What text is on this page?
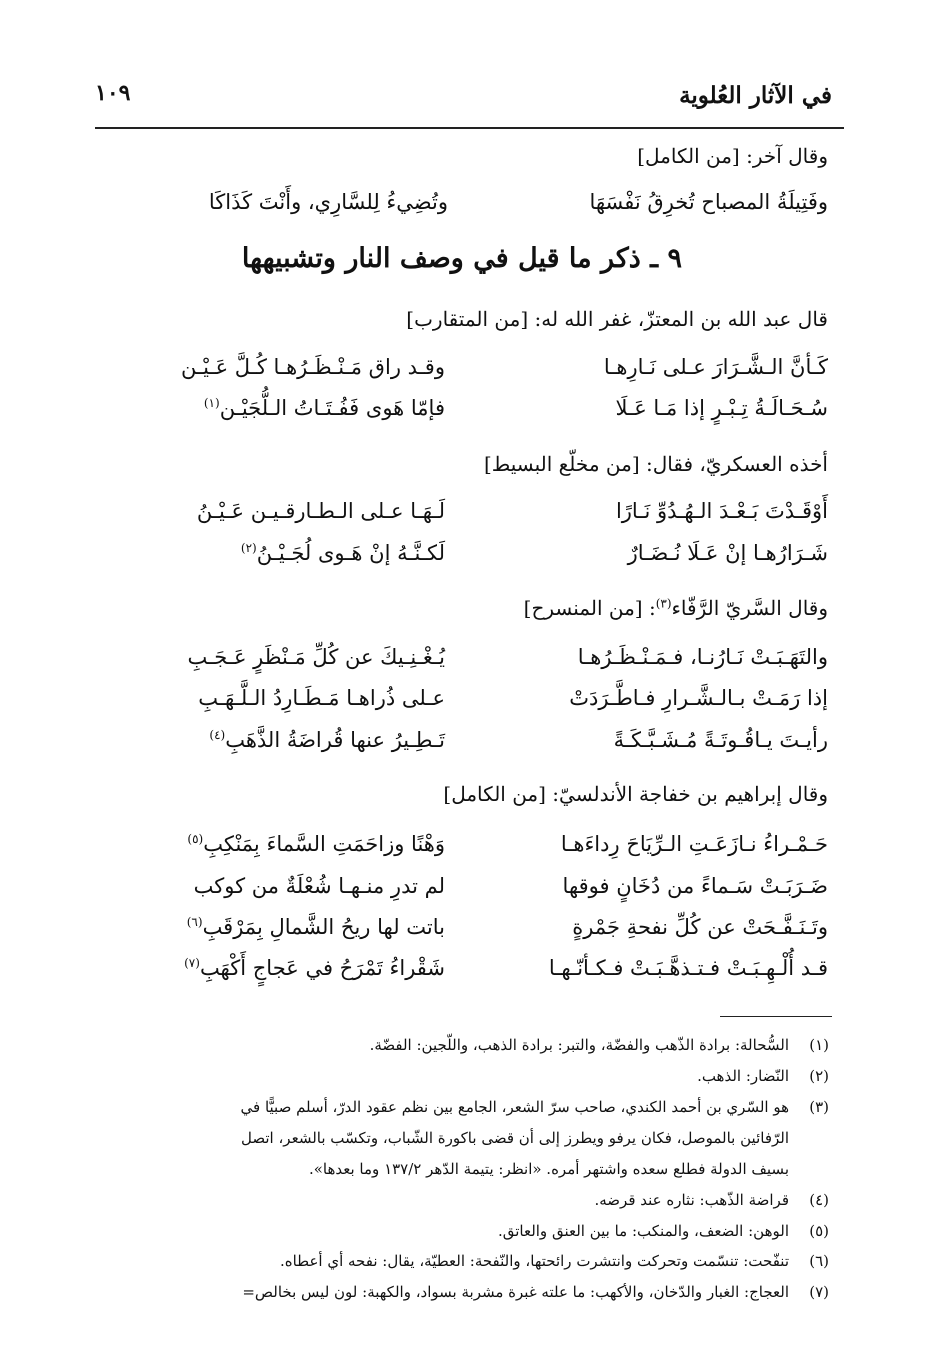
في الآثار العُلوية
١٠٩
وقال آخر: [من الكامل]
وفَتِيلَةُ المصباح تُخرِقُ نَفْسَهَا
وتُضِيءُ لِلسَّارِي، وأَنْتَ كَذَاكَا
٩ ـ ذكر ما قيل في وصف النار وتشبيهها
قال عبد الله بن المعتزّ، غفر الله له: [من المتقارب]
كَـأنَّ الـشَّـرَارَ عـلى نَـارِهـا
وقـد راق مَـنْـظَـرُهـا كُـلَّ عَـيْـن
سُـحَـالَـةُ تِـبْـرٍ إذا مَـا عَـلَا
فإمّا هَوى فَفُـتَـاتُ الـلُّجَيْـن$^{(١)}$
أخذه العسكريّ، فقال: [من مخلّع البسيط]
أَوْقَـدْتَ بَـعْـدَ الـهُـدُوِّ نَـارًا
لَـهَـا عـلى الـطـارقـيـن عَـيْـنُ
شَـرَارُهـا إنْ عَـلَا نُـضَـارٌ
لَكـنَّـهُ إنْ هَـوى لُجَـيْـنُ$^{(٢)}$
وقال السَّريّ الرَّفّاء$^{(٣)}$: [من المنسرح]
والتَهَـبَـتْ نَـارُنـا، فـمَـنْـظَـرُهـا
يُـغْـنِـيكَ عن كُلِّ مَـنْظَرٍ عَـجَـبِ
إذا رَمَـتْ بـالـشَّـرارِ فـاطَّـرَدَتْ
عـلى ذُراهـا مَـطَـارِدُ الـلَّـهَـبِ
رأيـتَ يـاقُـوتَـةً مُـشَـبَّـكَـةً
تَـطِـيرُ عنها قُراضَةُ الذَّهَبِ$^{(٤)}$
وقال إبراهيم بن خفاجة الأندلسيّ: [من الكامل]
حَـمْـراءُ نـازَعَـتِ الـرِّيَاحَ رِداءَهـا
وَهْنًا وزاحَمَتِ السَّماءَ بِمَنْكِبِ$^{(٥)}$
ضَـرَبَـتْ سَـماءً من دُخَانٍ فوقها
لم تدرِ منـهـا شُعْلَةٌ من كوكب
وتَـنَـفَّـحَتْ عن كُلِّ نفحةِ جَمْرةٍ
باتت لها ريحُ الشَّمالِ بِمَرْقَبِ$^{(٦)}$
قـد أُلْـهِـبَـتْ فـتـذهَّـبَـتْ فـكـأنّـهـا
شَقْراءُ تَمْرَحُ في عَجاجٍ أَكْهَبِ$^{(٧)}$
(١)السُّحالة: برادة الذّهب والفضّة، والتبر: برادة الذهب، واللّجين: الفضّة.
(٢)النّضار: الذهب.
(٣)هو السّري بن أحمد الكندي، صاحب سرّ الشعر، الجامع بين نظم عقود الدرّ، أسلم صبيًّا في
الرّفائين بالموصل، فكان يرفو ويطرز إلى أن قضى باكورة الشّباب، وتكسّب بالشعر، اتصل
بسيف الدولة فطلع سعده واشتهر أمره. «انظر: يتيمة الدّهر ١٣٧/٢ وما بعدها».
(٤)قراضة الذّهب: نثاره عند قرضه.
(٥)الوهن: الضعف، والمنكب: ما بين العنق والعاتق.
(٦)تنفّحت: تنسّمت وتحركت وانتشرت رائحتها، والنّفحة: العطيّة، يقال: نفحه أي أعطاه.
(٧)العجاج: الغبار والدّخان، والأكهب: ما علته غبرة مشربة بسواد، والكهبة: لون ليس بخالص=
